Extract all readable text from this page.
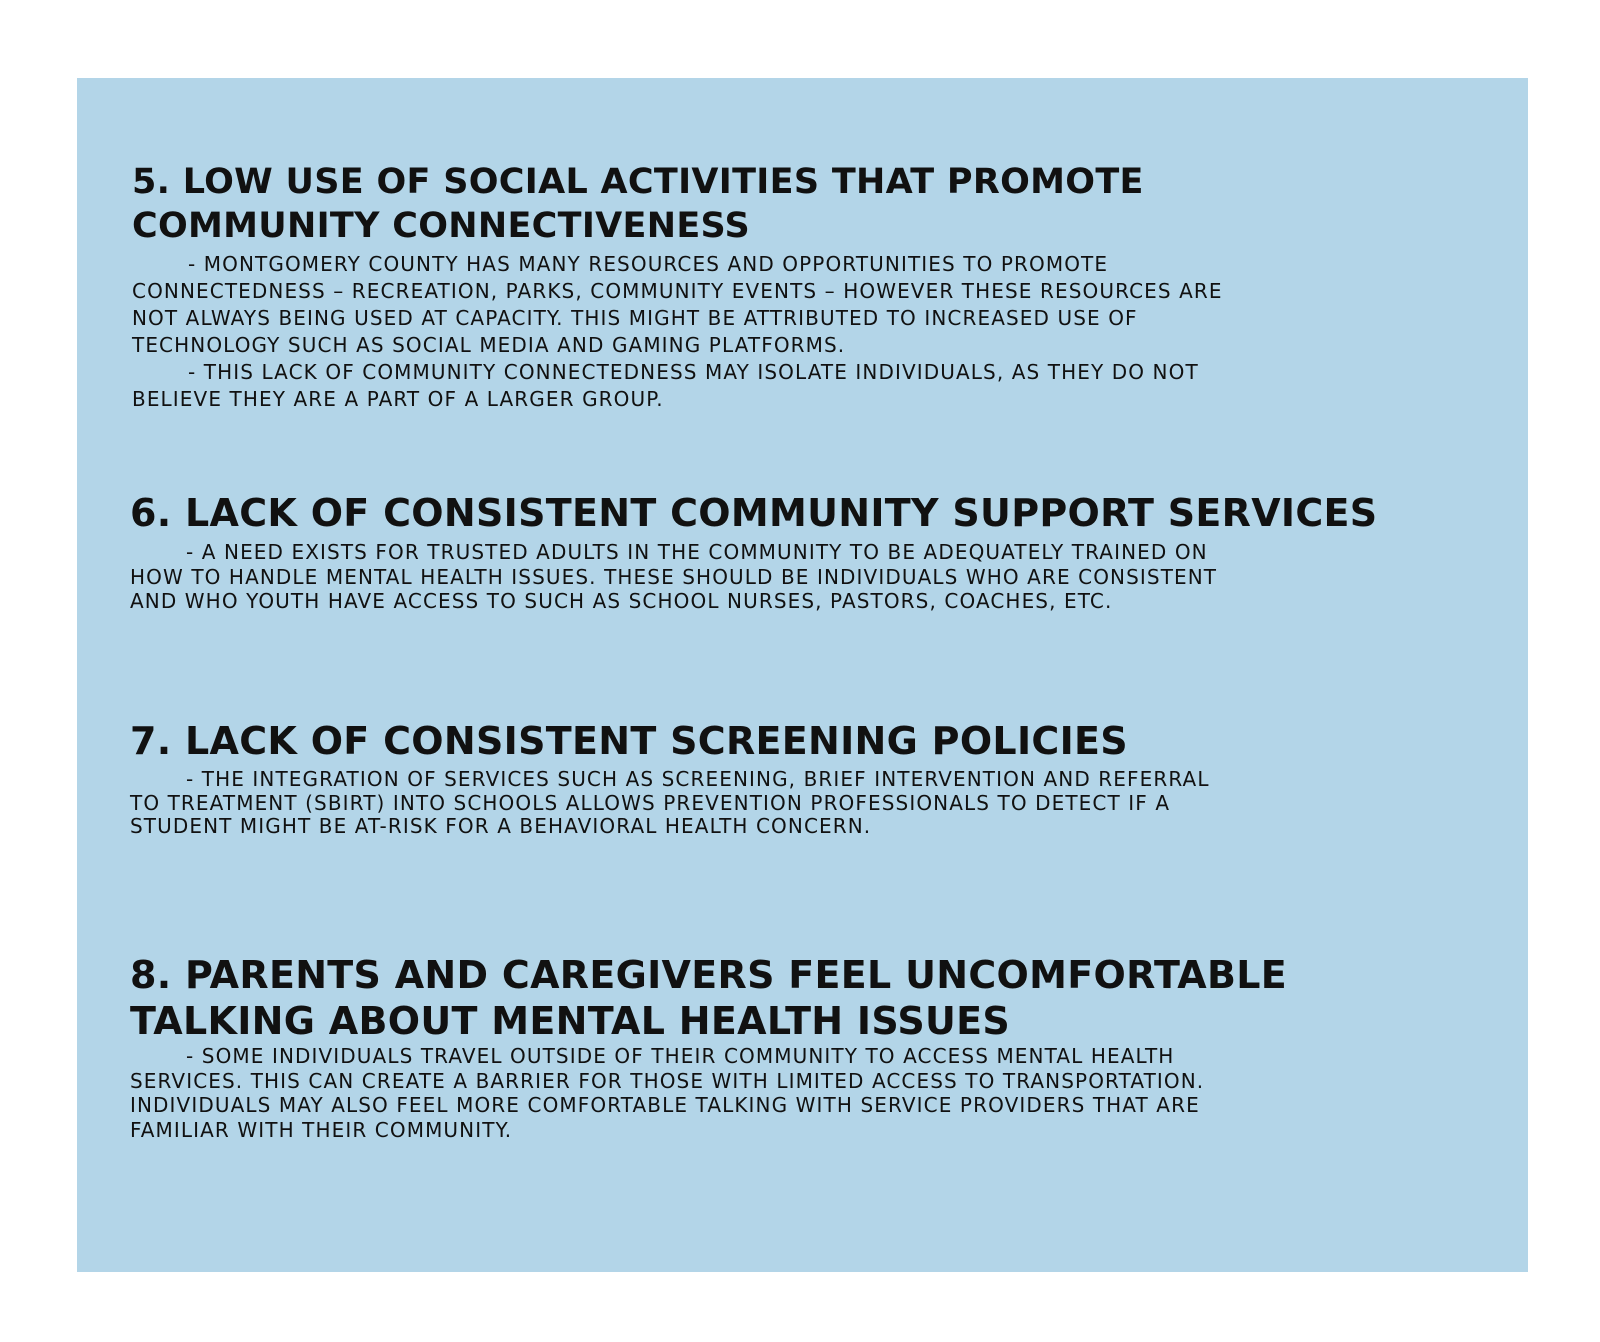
5. LOW USE OF SOCIAL ACTIVITIES THAT PROMOTE
COMMUNITY CONNECTIVENESS

- MONTGOMERY COUNTY HAS MANY RESOURCES AND OPPORTUNITIES TO PROMOTE
CONNECTEDNESS – RECREATION, PARKS, COMMUNITY EVENTS – HOWEVER THESE RESOURCES ARE
NOT ALWAYS BEING USED AT CAPACITY. THIS MIGHT BE ATTRIBUTED TO INCREASED USE OF
TECHNOLOGY SUCH AS SOCIAL MEDIA AND GAMING PLATFORMS.

- THIS LACK OF COMMUNITY CONNECTEDNESS MAY ISOLATE INDIVIDUALS, AS THEY DO NOT
BELIEVE THEY ARE A PART OF A LARGER GROUP.

6. LACK OF CONSISTENT COMMUNITY SUPPORT SERVICES

- A NEED EXISTS FOR TRUSTED ADULTS IN THE COMMUNITY TO BE ADEQUATELY TRAINED ON
HOW TO HANDLE MENTAL HEALTH ISSUES. THESE SHOULD BE INDIVIDUALS WHO ARE CONSISTENT
AND WHO YOUTH HAVE ACCESS TO SUCH AS SCHOOL NURSES, PASTORS, COACHES, ETC.

7. LACK OF CONSISTENT SCREENING POLICIES

- THE INTEGRATION OF SERVICES SUCH AS SCREENING, BRIEF INTERVENTION AND REFERRAL
TO TREATMENT (SBIRT) INTO SCHOOLS ALLOWS PREVENTION PROFESSIONALS TO DETECT IF A
STUDENT MIGHT BE AT-RISK FOR A BEHAVIORAL HEALTH CONCERN.

8. PARENTS AND CAREGIVERS FEEL UNCOMFORTABLE
TALKING ABOUT MENTAL HEALTH ISSUES

- SOME INDIVIDUALS TRAVEL OUTSIDE OF THEIR COMMUNITY TO ACCESS MENTAL HEALTH
SERVICES. THIS CAN CREATE A BARRIER FOR THOSE WITH LIMITED ACCESS TO TRANSPORTATION.
INDIVIDUALS MAY ALSO FEEL MORE COMFORTABLE TALKING WITH SERVICE PROVIDERS THAT ARE
FAMILIAR WITH THEIR COMMUNITY.
